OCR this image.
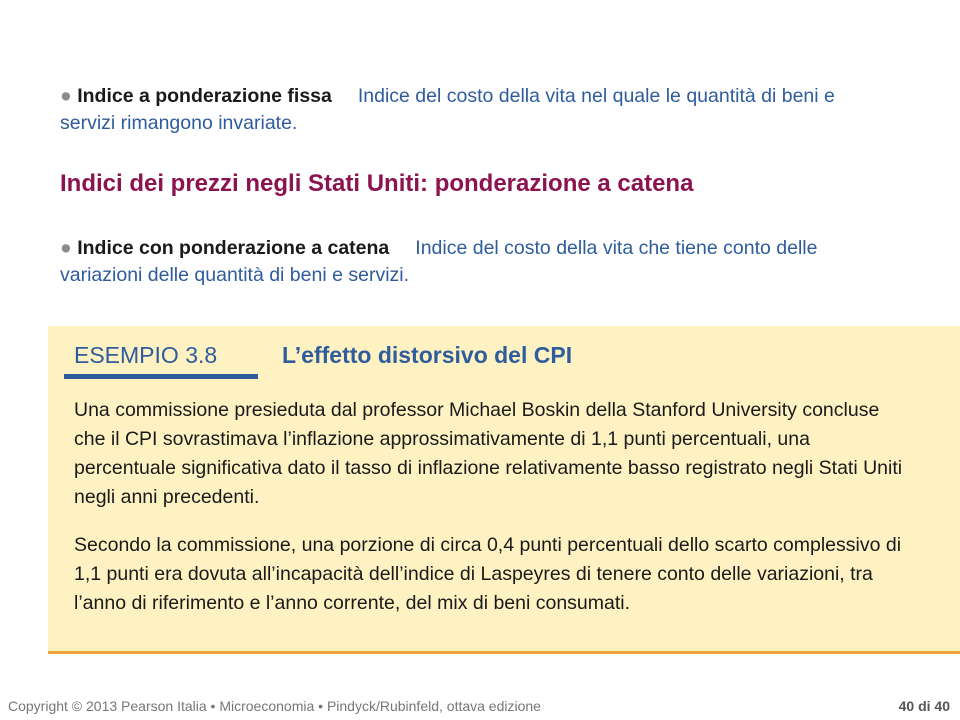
● Indice a ponderazione fissa Indice del costo della vita nel quale le quantità di beni e servizi rimangono invariate.
Indici dei prezzi negli Stati Uniti: ponderazione a catena
● Indice con ponderazione a catena Indice del costo della vita che tiene conto delle variazioni delle quantità di beni e servizi.
ESEMPIO 3.8	L’effetto distorsivo del CPI
Una commissione presieduta dal professor Michael Boskin della Stanford University concluse che il CPI sovrastimava l’inflazione approssimativamente di 1,1 punti percentuali, una percentuale significativa dato il tasso di inflazione relativamente basso registrato negli Stati Uniti negli anni precedenti.
Secondo la commissione, una porzione di circa 0,4 punti percentuali dello scarto complessivo di 1,1 punti era dovuta all’incapacità dell’indice di Laspeyres di tenere conto delle variazioni, tra l’anno di riferimento e l’anno corrente, del mix di beni consumati.
Copyright © 2013 Pearson Italia • Microeconomia • Pindyck/Rubinfeld, ottava edizione	40 di 40
